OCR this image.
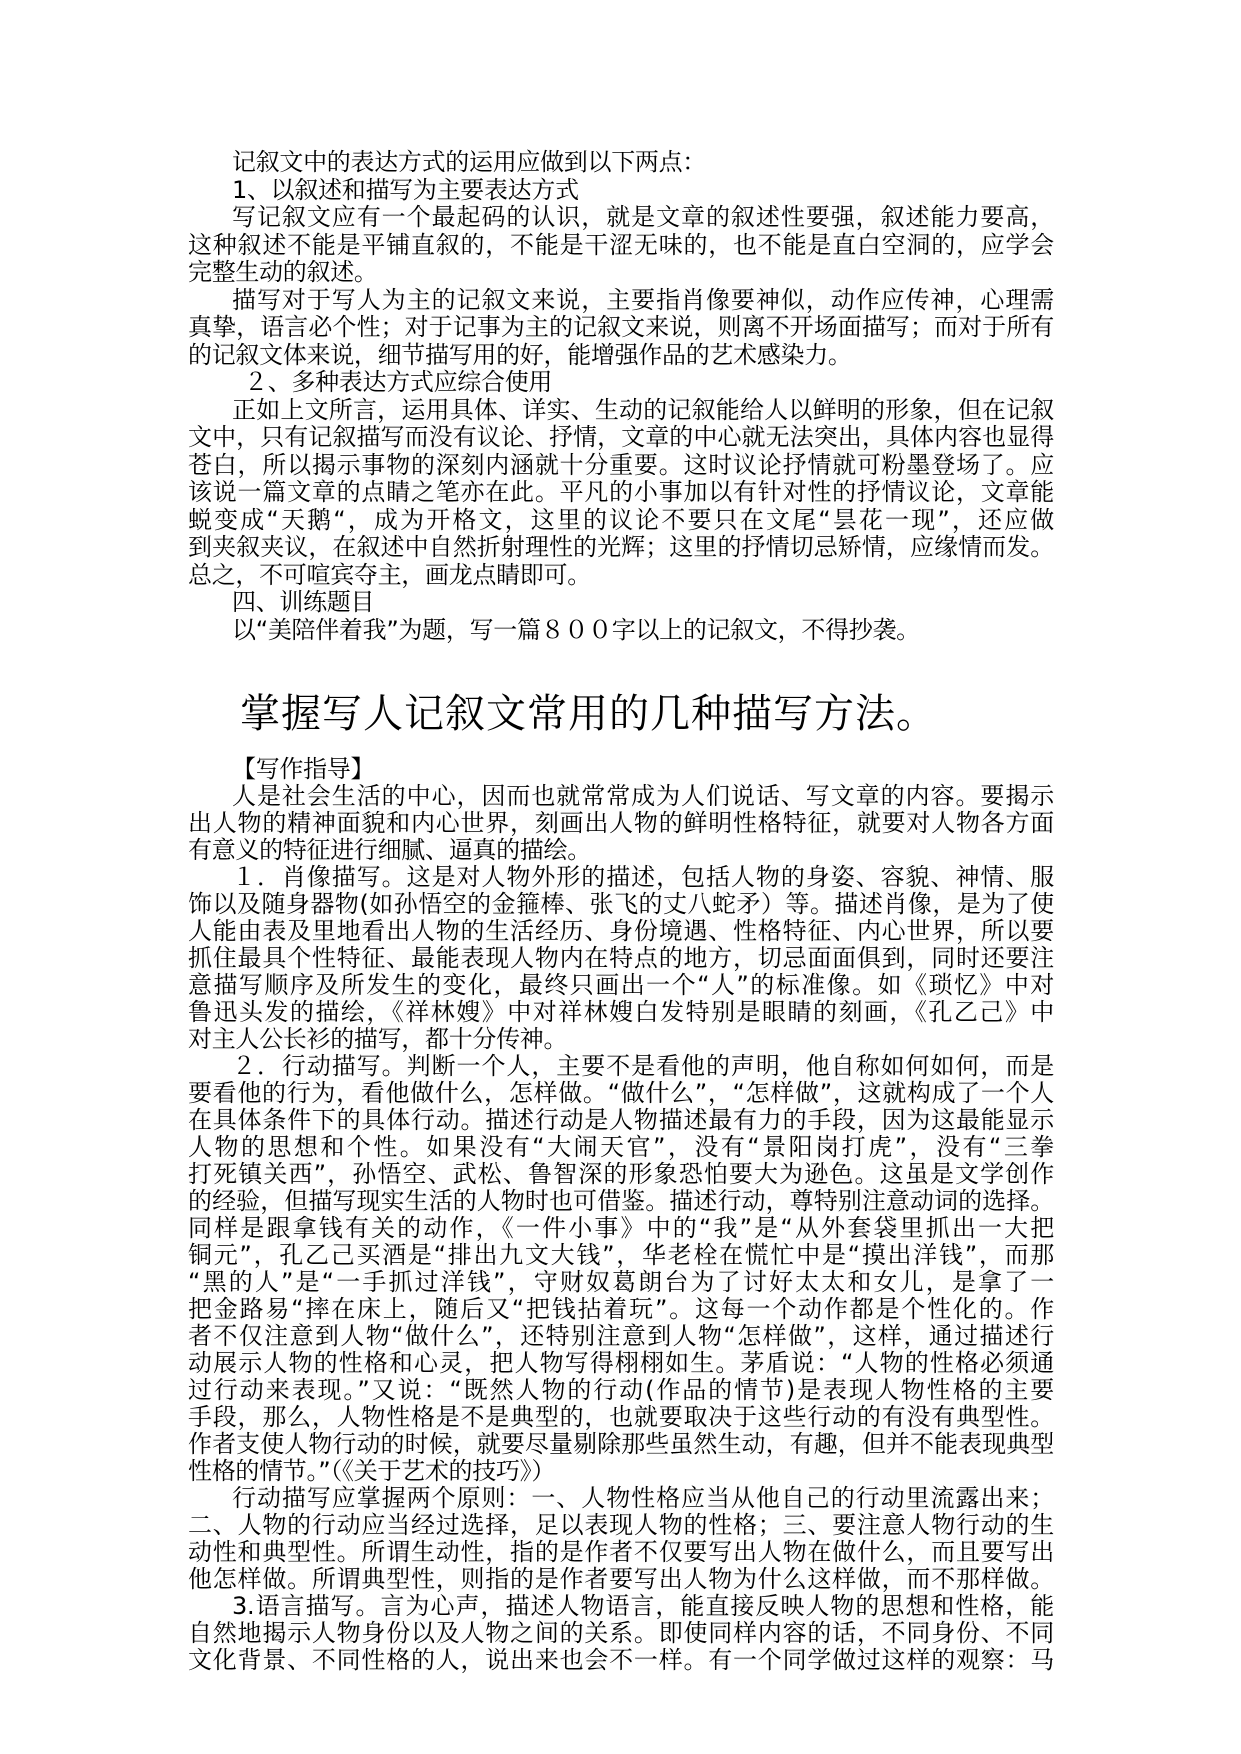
记叙文中的表达方式的运用应做到以下两点：
1、以叙述和描写为主要表达方式
写记叙文应有一个最起码的认识，就是文章的叙述性要强，叙述能力要高，
这种叙述不能是平铺直叙的，不能是干涩无味的，也不能是直白空洞的，应学会
完整生动的叙述。
描写对于写人为主的记叙文来说，主要指肖像要神似，动作应传神，心理需
真挚，语言必个性；对于记事为主的记叙文来说，则离不开场面描写；而对于所有
的记叙文体来说，细节描写用的好，能增强作品的艺术感染力。
２、多种表达方式应综合使用
正如上文所言，运用具体、详实、生动的记叙能给人以鲜明的形象，但在记叙
文中，只有记叙描写而没有议论、抒情，文章的中心就无法突出，具体内容也显得
苍白，所以揭示事物的深刻内涵就十分重要。这时议论抒情就可粉墨登场了。应
该说一篇文章的点睛之笔亦在此。平凡的小事加以有针对性的抒情议论，文章能
蜕变成“天鹅“，成为开格文，这里的议论不要只在文尾“昙花一现”，还应做
到夹叙夹议，在叙述中自然折射理性的光辉；这里的抒情切忌矫情，应缘情而发。
总之，不可喧宾夺主，画龙点睛即可。
四、训练题目
以“美陪伴着我”为题，写一篇８００字以上的记叙文，不得抄袭。
掌握写人记叙文常用的几种描写方法。
【写作指导】
人是社会生活的中心，因而也就常常成为人们说话、写文章的内容。要揭示
出人物的精神面貌和内心世界，刻画出人物的鲜明性格特征，就要对人物各方面
有意义的特征进行细腻、逼真的描绘。
１．肖像描写。这是对人物外形的描述，包括人物的身姿、容貌、神情、服
饰以及随身器物(如孙悟空的金箍棒、张飞的丈八蛇矛）等。描述肖像，是为了使
人能由表及里地看出人物的生活经历、身份境遇、性格特征、内心世界，所以要
抓住最具个性特征、最能表现人物内在特点的地方，切忌面面俱到，同时还要注
意描写顺序及所发生的变化，最终只画出一个“人”的标准像。如《琐忆》中对
鲁迅头发的描绘，《祥林嫂》中对祥林嫂白发特别是眼睛的刻画，《孔乙己》中
对主人公长衫的描写，都十分传神。
２．行动描写。判断一个人，主要不是看他的声明，他自称如何如何，而是
要看他的行为，看他做什么，怎样做。“做什么”，“怎样做”，这就构成了一个人
在具体条件下的具体行动。描述行动是人物描述最有力的手段，因为这最能显示
人物的思想和个性。如果没有“大闹天官”，没有“景阳岗打虎”，没有“三拳
打死镇关西”，孙悟空、武松、鲁智深的形象恐怕要大为逊色。这虽是文学创作
的经验，但描写现实生活的人物时也可借鉴。描述行动，尊特别注意动词的选择。
同样是跟拿钱有关的动作，《一件小事》中的“我”是“从外套袋里抓出一大把
铜元”，孔乙己买酒是“排出九文大钱”，华老栓在慌忙中是“摸出洋钱”，而那
“黑的人”是“一手抓过洋钱”，守财奴葛朗台为了讨好太太和女儿，是拿了一
把金路易“摔在床上，随后又“把钱拈着玩”。这每一个动作都是个性化的。作
者不仅注意到人物“做什么”，还特别注意到人物“怎样做”，这样，通过描述行
动展示人物的性格和心灵，把人物写得栩栩如生。茅盾说：“人物的性格必须通
过行动来表现。”又说：“既然人物的行动(作品的情节)是表现人物性格的主要
手段，那么，人物性格是不是典型的，也就要取决于这些行动的有没有典型性。
作者支使人物行动的时候，就要尽量剔除那些虽然生动，有趣，但并不能表现典型
性格的情节。”（《关于艺术的技巧》）
行动描写应掌握两个原则：一、人物性格应当从他自己的行动里流露出来；
二、人物的行动应当经过选择，足以表现人物的性格；三、要注意人物行动的生
动性和典型性。所谓生动性，指的是作者不仅要写出人物在做什么，而且要写出
他怎样做。所谓典型性，则指的是作者要写出人物为什么这样做，而不那样做。
3.语言描写。言为心声，描述人物语言，能直接反映人物的思想和性格，能
自然地揭示人物身份以及人物之间的关系。即使同样内容的话，不同身份、不同
文化背景、不同性格的人，说出来也会不一样。有一个同学做过这样的观察：马
